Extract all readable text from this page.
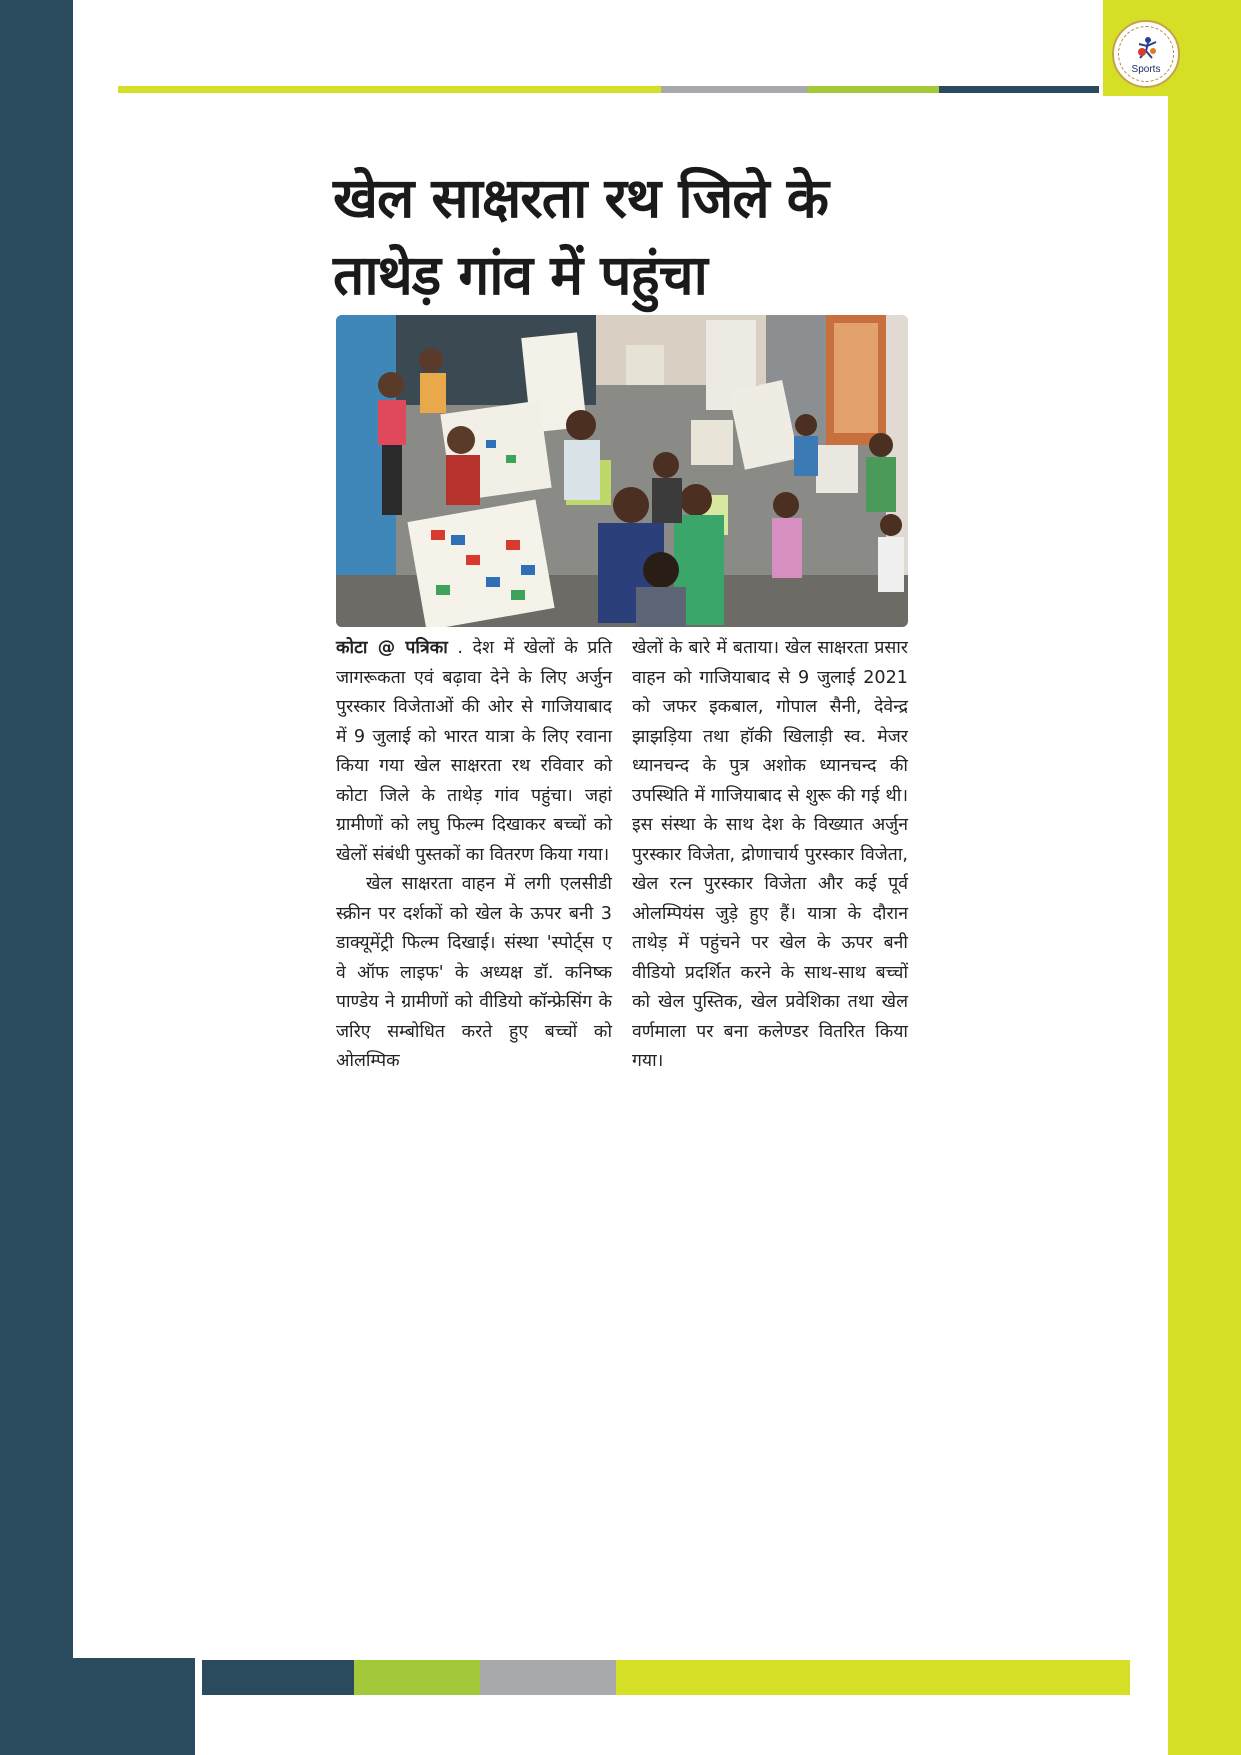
Sports
खेल साक्षरता रथ जिले के
ताथेड़ गांव में पहुंचा

कोटा @ पत्रिका . देश में खेलों के प्रति जागरूकता एवं बढ़ावा देने के लिए अर्जुन पुरस्कार विजेताओं की ओर से गाजियाबाद में 9 जुलाई को भारत यात्रा के लिए रवाना किया गया खेल साक्षरता रथ रविवार को कोटा जिले के ताथेड़ गांव पहुंचा। जहां ग्रामीणों को लघु फिल्म दिखाकर बच्चों को खेलों संबंधी पुस्तकों का वितरण किया गया।

खेल साक्षरता वाहन में लगी एलसीडी स्क्रीन पर दर्शकों को खेल के ऊपर बनी 3 डाक्यूमेंट्री फिल्म दिखाई। संस्था 'स्पोर्ट्स ए वे ऑफ लाइफ' के अध्यक्ष डॉ. कनिष्क पाण्डेय ने ग्रामीणों को वीडियो कॉन्फ्रेसिंग के जरिए सम्बोधित करते हुए बच्चों को ओलम्पिक

खेलों के बारे में बताया। खेल साक्षरता प्रसार वाहन को गाजियाबाद से 9 जुलाई 2021 को जफर इकबाल, गोपाल सैनी, देवेन्द्र झाझड़िया तथा हॉकी खिलाड़ी स्व. मेजर ध्यानचन्द के पुत्र अशोक ध्यानचन्द की उपस्थिति में गाजियाबाद से शुरू की गई थी। इस संस्था के साथ देश के विख्यात अर्जुन पुरस्कार विजेता, द्रोणाचार्य पुरस्कार विजेता, खेल रत्न पुरस्कार विजेता और कई पूर्व ओलम्पियंस जुड़े हुए हैं। यात्रा के दौरान ताथेड़ में पहुंचने पर खेल के ऊपर बनी वीडियो प्रदर्शित करने के साथ-साथ बच्चों को खेल पुस्तिक, खेल प्रवेशिका तथा खेल वर्णमाला पर बना कलेण्डर वितरित किया गया।
